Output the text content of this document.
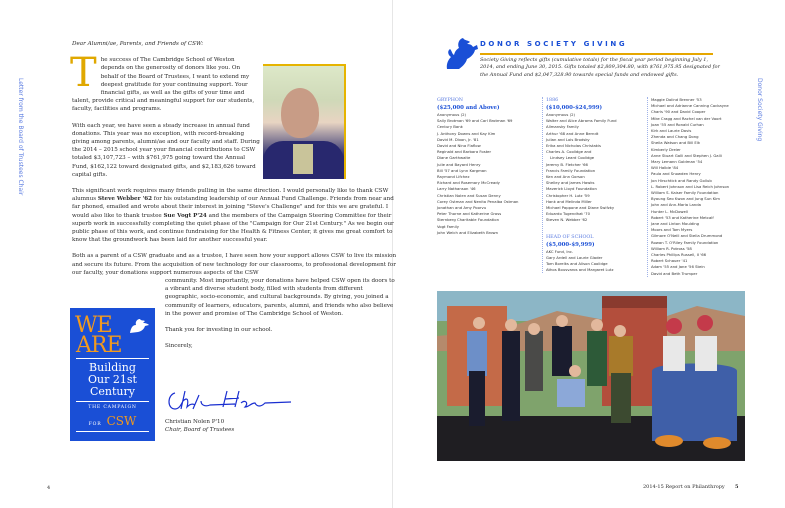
Letter from the Board of Trustees Chair

Dear Alumni/ae, Parents, and Friends of CSW:

The success of The Cambridge School of Weston depends on the generosity of donors like you. On behalf of the Board of Trustees, I want to extend my deepest gratitude for your continuing support. Your financial gifts, as well as the gifts of your time and talent, provide critical and meaningful support for our students, faculty, facilities and programs.

With each year, we have seen a steady increase in annual fund donations. This year was no exception, with record-breaking giving among parents, alumni/ae and our faculty and staff. During the 2014 – 2015 school year your financial contributions to CSW totaled $3,107,723 – with $761,975 going toward the Annual Fund, $162,122 toward designated gifts, and $2,183,626 toward capital gifts.

This significant work requires many friends pulling in the same direction. I would personally like to thank CSW alumnus Steve Webber '62 for his outstanding leadership of our Annual Fund Challenge. Friends from near and far phoned, emailed and wrote about their interest in joining "Steve's Challenge" and for this we are grateful. I would also like to thank trustee Sue Vogt P'24 and the members of the Campaign Steering Committee for their superb work in successfully completing the quiet phase of the "Campaign for Our 21st Century." As we begin our public phase of this work, and continue fundraising for the Health & Fitness Center, it gives me great comfort to know that the groundwork has been laid for another successful year.

Both as a parent of a CSW graduate and as a trustee, I have seen how your support allows CSW to live its mission and secure its future. From the acquisition of new technology for our classrooms, to professional development for our faculty, your donations support numerous aspects of the CSW

community. Most importantly, your donations have helped CSW open its doors to a vibrant and diverse student body, filled with students from different geographic, socio-economic, and cultural backgrounds. By giving, you joined a community of learners, educators, parents, alumni, and friends who also believe in the power and promise of The Cambridge School of Weston.

Thank you for investing in our school.

Sincerely,

WE
ARE
Building
Our 21st
Century
THE CAMPAIGN
FOR CSW	Christian Nolen P'10
Chair, Board of Trustees
4
DONOR SOCIETY GIVING
Society Giving reflects gifts (cumulative totals) for the fiscal year period beginning July 1, 2014, and ending June 30, 2015. Gifts totaled $2,809,304.80, with $761,975.95 designated for the Annual Fund and $2,047,328.90 towards special funds and endowed gifts.
GRYPHON
($25,000 and Above)
Anonymous (2)
Sally Brotman '69 and Carl Brotman '69
Century Bank
J. Anthony Downs and Kay Kim
David M. Dixon, Jr. '81
David and Nina Flaflow
Reginald and Barbara Foster
Diane Garthwaite
Julie and Bayard Henry
Bill '57 and Lynn Kargman
Raymond Lifchez
Richard and Rosemary McCready
Larry Nathanson '46
Christian Nolen and Susan Denny
Corey Ostman and Nenita Penalba Ostman
Jonathan and Amy Poorvu
Peter Thorne and Katherine Gross
Sternberg Charitable Foundation
Vogt Family
John Welch and Elizabeth Brown
1886
($10,000-$24,999)
Anonymous (2)
Walter and Alice Abrams Family Fund
Allmansky Family
Arthur '68 and Anne Berndt
Julian and Lois Brodsky
Erika and Nicholas Christakis
Charles A. Coolidge and
Lindsey Leard Coolidge
Jeremy B. Fletcher '66
Francis Family Foundation
Ken and Ann Gorson
Shelley and James Hawks
Maverick Lloyd Foundation
Christopher H. Lutz '59
Hank and Melinda Miller
Michael Pappone and Diane Swifzky
Eduardo Tugendhat '70
Steven N. Webber '62
HEAD OF SCHOOL
($5,000-$9,999)
AKC Fund, Inc.
Gary Ardell and Laurie Glader
Tom Borelks and Alison Coolidge
Athos Bousvaros and Margaret Lutz
Maggie Dolind Brenner '53
Michael and Adrianne Canning Cockayne
Charis '90 and David Cooper
Mike Cragg and Rachel van der Voort
Joan '55 and Ronald Curhan
Kirk and Laurie Davis
Zhenda and Chang Dong
Sheila Watson and Bill Elk
Kimberly Dreier
Anne Stuart Galli and Stephen J. Galli
Mary Lemann Goldman '54
Will Halbie '84
Paula and Snowden Henry
Jon Hirschtick and Randy Gollub
L. Robert Johnson and Lisa Reich Johnson
William S. Kaiser Family Foundation
Byoung Seo Kwon and Jung Sun Kim
John and Ann-Maria Landa
Hunter L. McDowell
Robert '53 and Katherine Metcalf
Jane and Linton Moulding
Moors and Tom Myers
Gilmore O'Neill and Stella Drummond
Rowan T. O'Riley Family Foundation
William R. Potross '58
Charles Phillips Russell, II '66
Robert Schauer '41
Adam '55 and Jane '56 Stein
David and Beth Trumper
Donor Society Giving
2014-15 Report on Philanthropy 5
